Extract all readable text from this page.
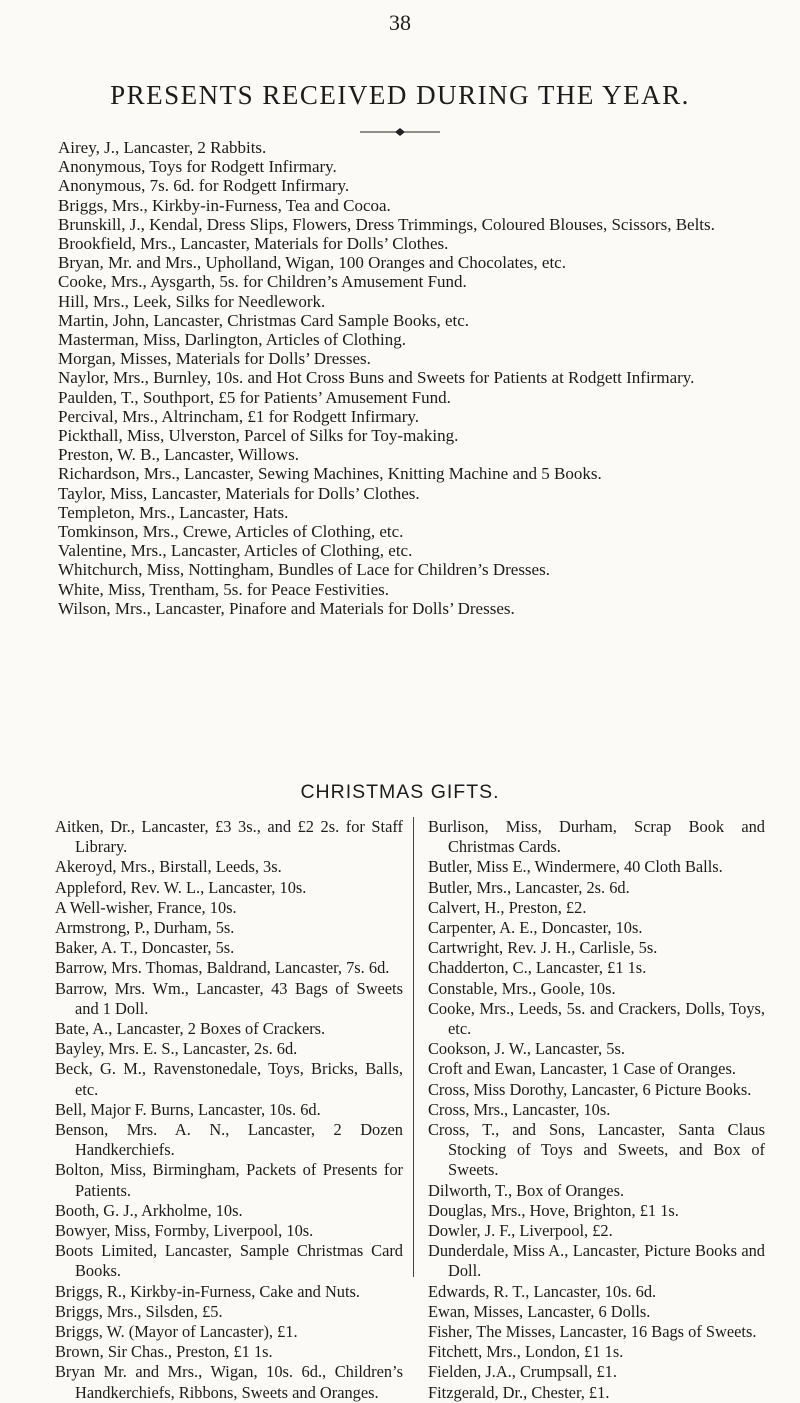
38
PRESENTS RECEIVED DURING THE YEAR.

Airey, J., Lancaster, 2 Rabbits.

Anonymous, Toys for Rodgett Infirmary.

Anonymous, 7s. 6d. for Rodgett Infirmary.

Briggs, Mrs., Kirkby-in-Furness, Tea and Cocoa.

Brunskill, J., Kendal, Dress Slips, Flowers, Dress Trimmings, Coloured Blouses, Scissors, Belts.

Brookfield, Mrs., Lancaster, Materials for Dolls’ Clothes.

Bryan, Mr. and Mrs., Upholland, Wigan, 100 Oranges and Chocolates, etc.

Cooke, Mrs., Aysgarth, 5s. for Children’s Amusement Fund.

Hill, Mrs., Leek, Silks for Needlework.

Martin, John, Lancaster, Christmas Card Sample Books, etc.

Masterman, Miss, Darlington, Articles of Clothing.

Morgan, Misses, Materials for Dolls’ Dresses.

Naylor, Mrs., Burnley, 10s. and Hot Cross Buns and Sweets for Patients at Rodgett Infirmary.

Paulden, T., Southport, £5 for Patients’ Amusement Fund.

Percival, Mrs., Altrincham, £1 for Rodgett Infirmary.

Pickthall, Miss, Ulverston, Parcel of Silks for Toy-making.

Preston, W. B., Lancaster, Willows.

Richardson, Mrs., Lancaster, Sewing Machines, Knitting Machine and 5 Books.

Taylor, Miss, Lancaster, Materials for Dolls’ Clothes.

Templeton, Mrs., Lancaster, Hats.

Tomkinson, Mrs., Crewe, Articles of Clothing, etc.

Valentine, Mrs., Lancaster, Articles of Clothing, etc.

Whitchurch, Miss, Nottingham, Bundles of Lace for Children’s Dresses.

White, Miss, Trentham, 5s. for Peace Festivities.

Wilson, Mrs., Lancaster, Pinafore and Materials for Dolls’ Dresses.

CHRISTMAS GIFTS.

Aitken, Dr., Lancaster, £3 3s., and £2 2s. for Staff Library.

Akeroyd, Mrs., Birstall, Leeds, 3s.

Appleford, Rev. W. L., Lancaster, 10s.

A Well-wisher, France, 10s.

Armstrong, P., Durham, 5s.

Baker, A. T., Doncaster, 5s.

Barrow, Mrs. Thomas, Baldrand, Lancaster, 7s. 6d.

Barrow, Mrs. Wm., Lancaster, 43 Bags of Sweets and 1 Doll.

Bate, A., Lancaster, 2 Boxes of Crackers.

Bayley, Mrs. E. S., Lancaster, 2s. 6d.

Beck, G. M., Ravenstonedale, Toys, Bricks, Balls, etc.

Bell, Major F. Burns, Lancaster, 10s. 6d.

Benson, Mrs. A. N., Lancaster, 2 Dozen Handkerchiefs.

Bolton, Miss, Birmingham, Packets of Presents for Patients.

Booth, G. J., Arkholme, 10s.

Bowyer, Miss, Formby, Liverpool, 10s.

Boots Limited, Lancaster, Sample Christmas Card Books.

Briggs, R., Kirkby-in-Furness, Cake and Nuts.

Briggs, Mrs., Silsden, £5.

Briggs, W. (Mayor of Lancaster), £1.

Brown, Sir Chas., Preston, £1 1s.

Bryan Mr. and Mrs., Wigan, 10s. 6d., Children’s Handkerchiefs, Ribbons, Sweets and Oranges.

Burlison, Miss, Durham, Scrap Book and Christmas Cards.

Butler, Miss E., Windermere, 40 Cloth Balls.

Butler, Mrs., Lancaster, 2s. 6d.

Calvert, H., Preston, £2.

Carpenter, A. E., Doncaster, 10s.

Cartwright, Rev. J. H., Carlisle, 5s.

Chadderton, C., Lancaster, £1 1s.

Constable, Mrs., Goole, 10s.

Cooke, Mrs., Leeds, 5s. and Crackers, Dolls, Toys, etc.

Cookson, J. W., Lancaster, 5s.

Croft and Ewan, Lancaster, 1 Case of Oranges.

Cross, Miss Dorothy, Lancaster, 6 Picture Books.

Cross, Mrs., Lancaster, 10s.

Cross, T., and Sons, Lancaster, Santa Claus Stocking of Toys and Sweets, and Box of Sweets.

Dilworth, T., Box of Oranges.

Douglas, Mrs., Hove, Brighton, £1 1s.

Dowler, J. F., Liverpool, £2.

Dunderdale, Miss A., Lancaster, Picture Books and Doll.

Edwards, R. T., Lancaster, 10s. 6d.

Ewan, Misses, Lancaster, 6 Dolls.

Fisher, The Misses, Lancaster, 16 Bags of Sweets.

Fitchett, Mrs., London, £1 1s.

Fielden, J.A., Crumpsall, £1.

Fitzgerald, Dr., Chester, £1.
